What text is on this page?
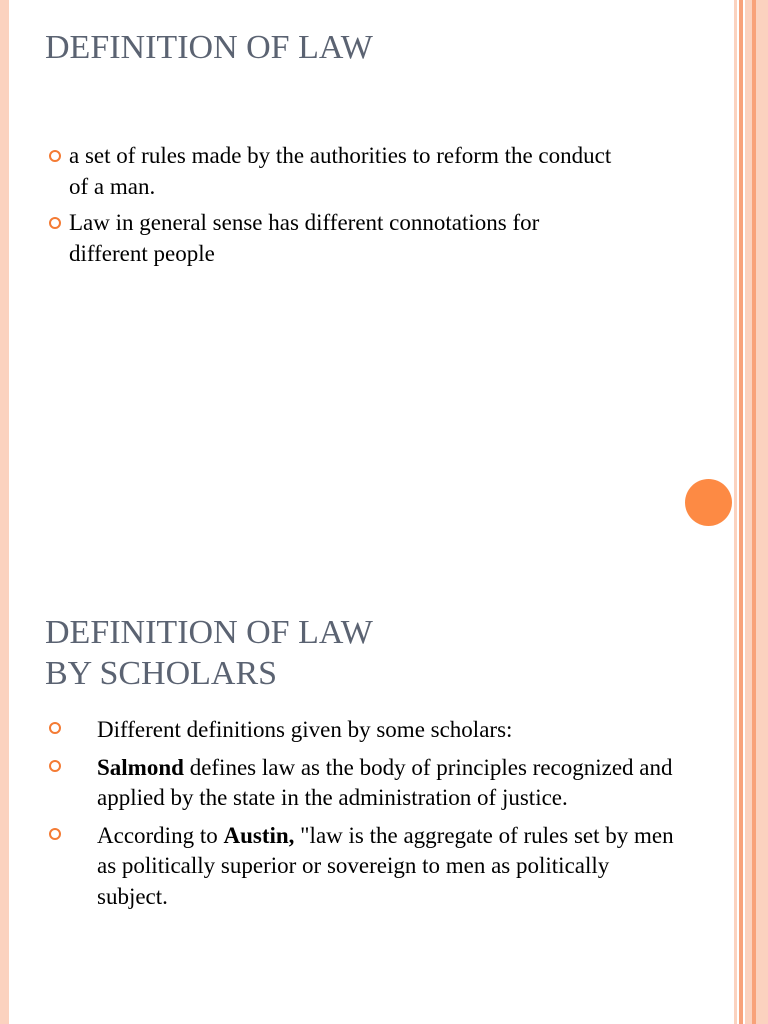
DEFINITION OF LAW
a set of rules made by the authorities to reform the conduct of a man.
Law in general sense has different connotations for different people
DEFINITION OF LAW
BY SCHOLARS
Different definitions given by some scholars:
Salmond defines law as the body of principles recognized and applied by the state in the administration of justice.
According to Austin, "law is the aggregate of rules set by men as politically superior or sovereign to men as politically subject.
